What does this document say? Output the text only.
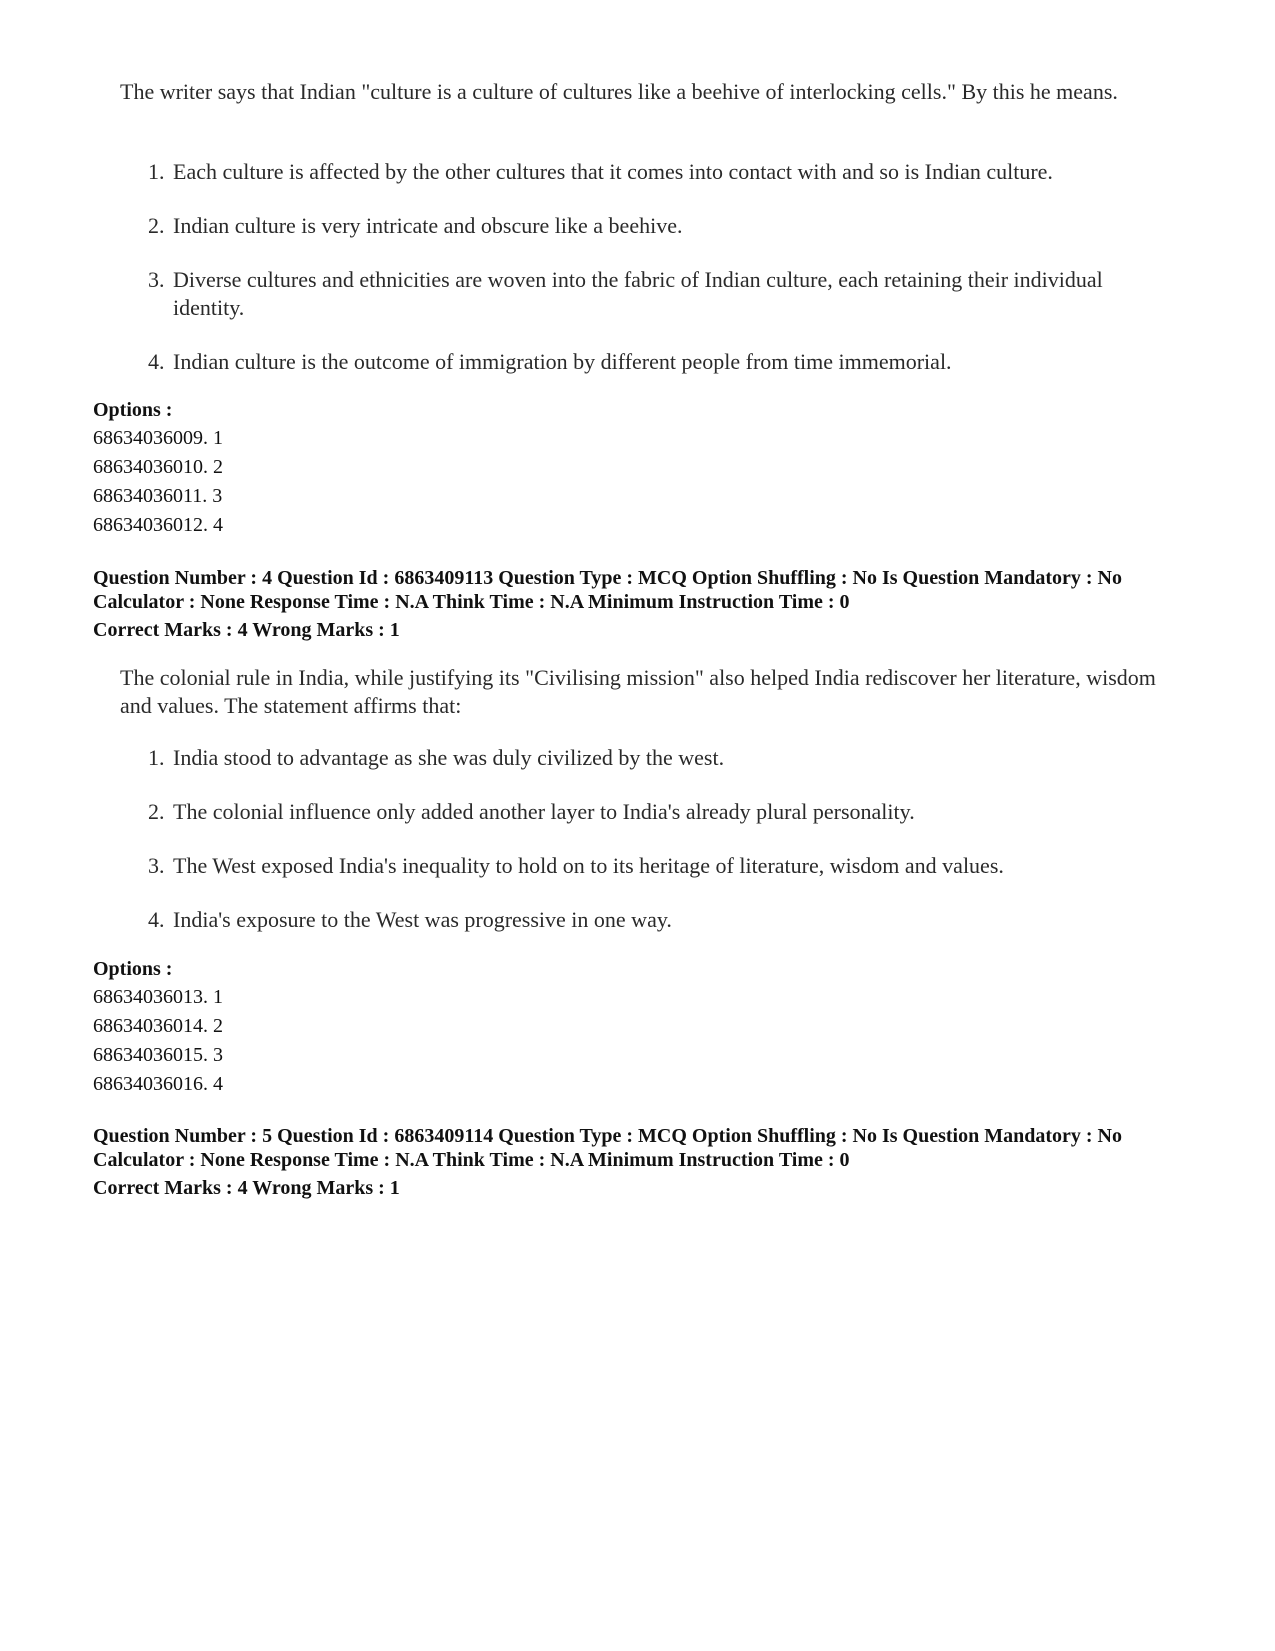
The writer says that Indian "culture is a culture of cultures like a beehive of interlocking cells." By this he means.
1. Each culture is affected by the other cultures that it comes into contact with and so is Indian culture.
2. Indian culture is very intricate and obscure like a beehive.
3. Diverse cultures and ethnicities are woven into the fabric of Indian culture, each retaining their individual identity.
4. Indian culture is the outcome of immigration by different people from time immemorial.
Options :
68634036009. 1
68634036010. 2
68634036011. 3
68634036012. 4
Question Number : 4 Question Id : 6863409113 Question Type : MCQ Option Shuffling : No Is Question Mandatory : No
Calculator : None Response Time : N.A Think Time : N.A Minimum Instruction Time : 0
Correct Marks : 4 Wrong Marks : 1
The colonial rule in India, while justifying its "Civilising mission" also helped India rediscover her literature, wisdom and values. The statement affirms that:
1. India stood to advantage as she was duly civilized by the west.
2. The colonial influence only added another layer to India's already plural personality.
3. The West exposed India's inequality to hold on to its heritage of literature, wisdom and values.
4. India's exposure to the West was progressive in one way.
Options :
68634036013. 1
68634036014. 2
68634036015. 3
68634036016. 4
Question Number : 5 Question Id : 6863409114 Question Type : MCQ Option Shuffling : No Is Question Mandatory : No
Calculator : None Response Time : N.A Think Time : N.A Minimum Instruction Time : 0
Correct Marks : 4 Wrong Marks : 1
